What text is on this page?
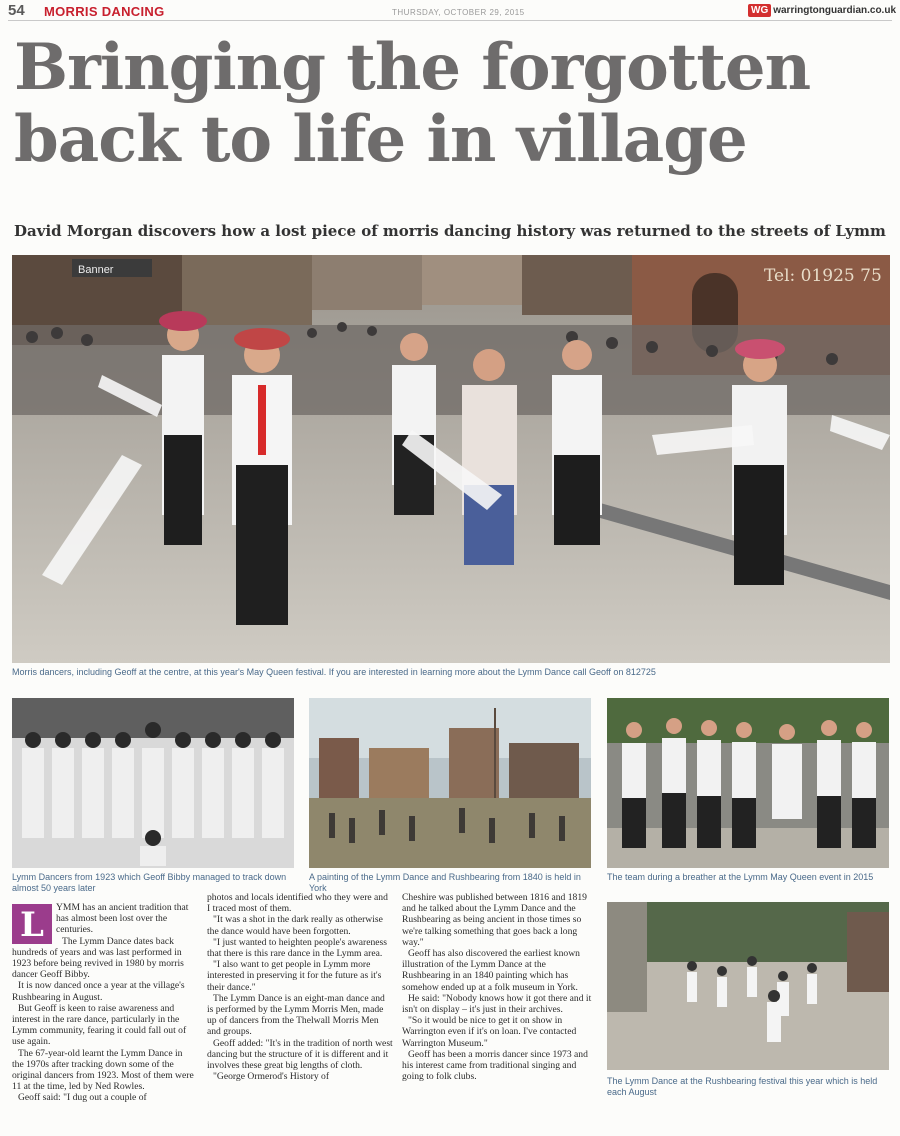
54 MORRIS DANCING	THURSDAY, OCTOBER 29, 2015	WG warringtonguardian.co.uk
Bringing the forgotten
back to life in village
David Morgan discovers how a lost piece of morris dancing history was returned to the streets of Lymm
Banner	Tel: 01925 75
Morris dancers, including Geoff at the centre, at this year's May Queen festival. If you are interested in learning more about the Lymm Dance call Geoff on 812725
Lymm Dancers from 1923 which Geoff Bibby managed to track down almost 50 years later
A painting of the Lymm Dance and Rushbearing from 1840 is held in York
The team during a breather at the Lymm May Queen event in 2015
The Lymm Dance at the Rushbearing festival this year which is held each August
L	YMM has an ancient tradition that has almost been lost over the centuries.

The Lymm Dance dates back hundreds of years and was last performed in 1923 before being revived in 1980 by morris dancer Geoff Bibby.

It is now danced once a year at the village's Rushbearing in August.

But Geoff is keen to raise awareness and interest in the rare dance, particularly in the Lymm community, fearing it could fall out of use again.

The 67-year-old learnt the Lymm Dance in the 1970s after tracking down some of the original dancers from 1923. Most of them were 11 at the time, led by Ned Rowles.

Geoff said: "I dug out a couple of

photos and locals identified who they were and I traced most of them.

"It was a shot in the dark really as otherwise the dance would have been forgotten.

"I just wanted to heighten people's awareness that there is this rare dance in the Lymm area.

"I also want to get people in Lymm more interested in preserving it for the future as it's their dance."

The Lymm Dance is an eight-man dance and is performed by the Lymm Morris Men, made up of dancers from the Thelwall Morris Men and groups.

Geoff added: "It's in the tradition of north west dancing but the structure of it is different and it involves these great big lengths of cloth.

"George Ormerod's History of

Cheshire was published between 1816 and 1819 and he talked about the Lymm Dance and the Rushbearing as being ancient in those times so we're talking something that goes back a long way."

Geoff has also discovered the earliest known illustration of the Lymm Dance at the Rushbearing in an 1840 painting which has somehow ended up at a folk museum in York.

He said: "Nobody knows how it got there and it isn't on display – it's just in their archives.

"So it would be nice to get it on show in Warrington even if it's on loan. I've contacted Warrington Museum."

Geoff has been a morris dancer since 1973 and his interest came from traditional singing and going to folk clubs.
